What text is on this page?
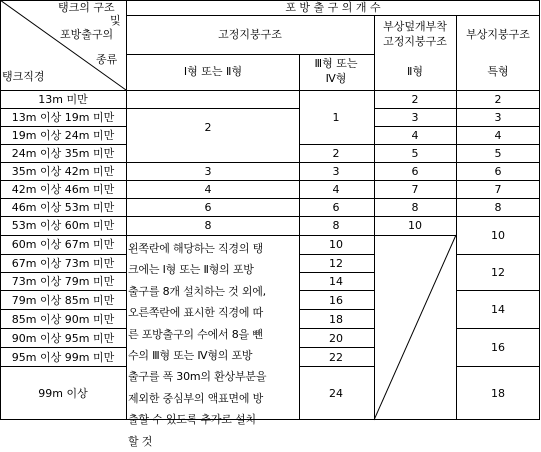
포 방 출 구 의 개 수
탱크의 구조
및
포방출구의
종류
탱크직경
고정지붕구조
부상덮개부착
고정지붕구조
부상지붕구조
Ⅰ형 또는 Ⅱ형
Ⅲ형 또는
Ⅳ형
Ⅱ형	특형
13m 미만
13m 이상 19m 미만
19m 이상 24m 미만
24m 이상 35m 미만
35m 이상 42m 미만
42m 이상 46m 미만
46m 이상 53m 미만
53m 이상 60m 미만
60m 이상 67m 미만
67m 이상 73m 미만
73m 이상 79m 미만
79m 이상 85m 미만
85m 이상 90m 미만
90m 이상 95m 미만
95m 이상 99m 미만
99m 이상
2
3
4
6
8
왼쪽란에 해당하는 직경의 탱
크에는 Ⅰ형 또는 Ⅱ형의 포방
출구를 8개 설치하는 것 외에,
오른쪽란에 표시한 직경에 따
른 포방출구의 수에서 8을 뺀
수의 Ⅲ형 또는 Ⅳ형의 포방
출구를 폭 30m의 환상부분을
제외한 중심부의 액표면에 방
출할 수 있도록 추가로 설치
할 것
1
2
3
4
6
8
10
12
14
16
18
20
22
24
2
3
4
5
6
7
8
10
2
3
4
5
6
7
8
10
12
14
16
18
